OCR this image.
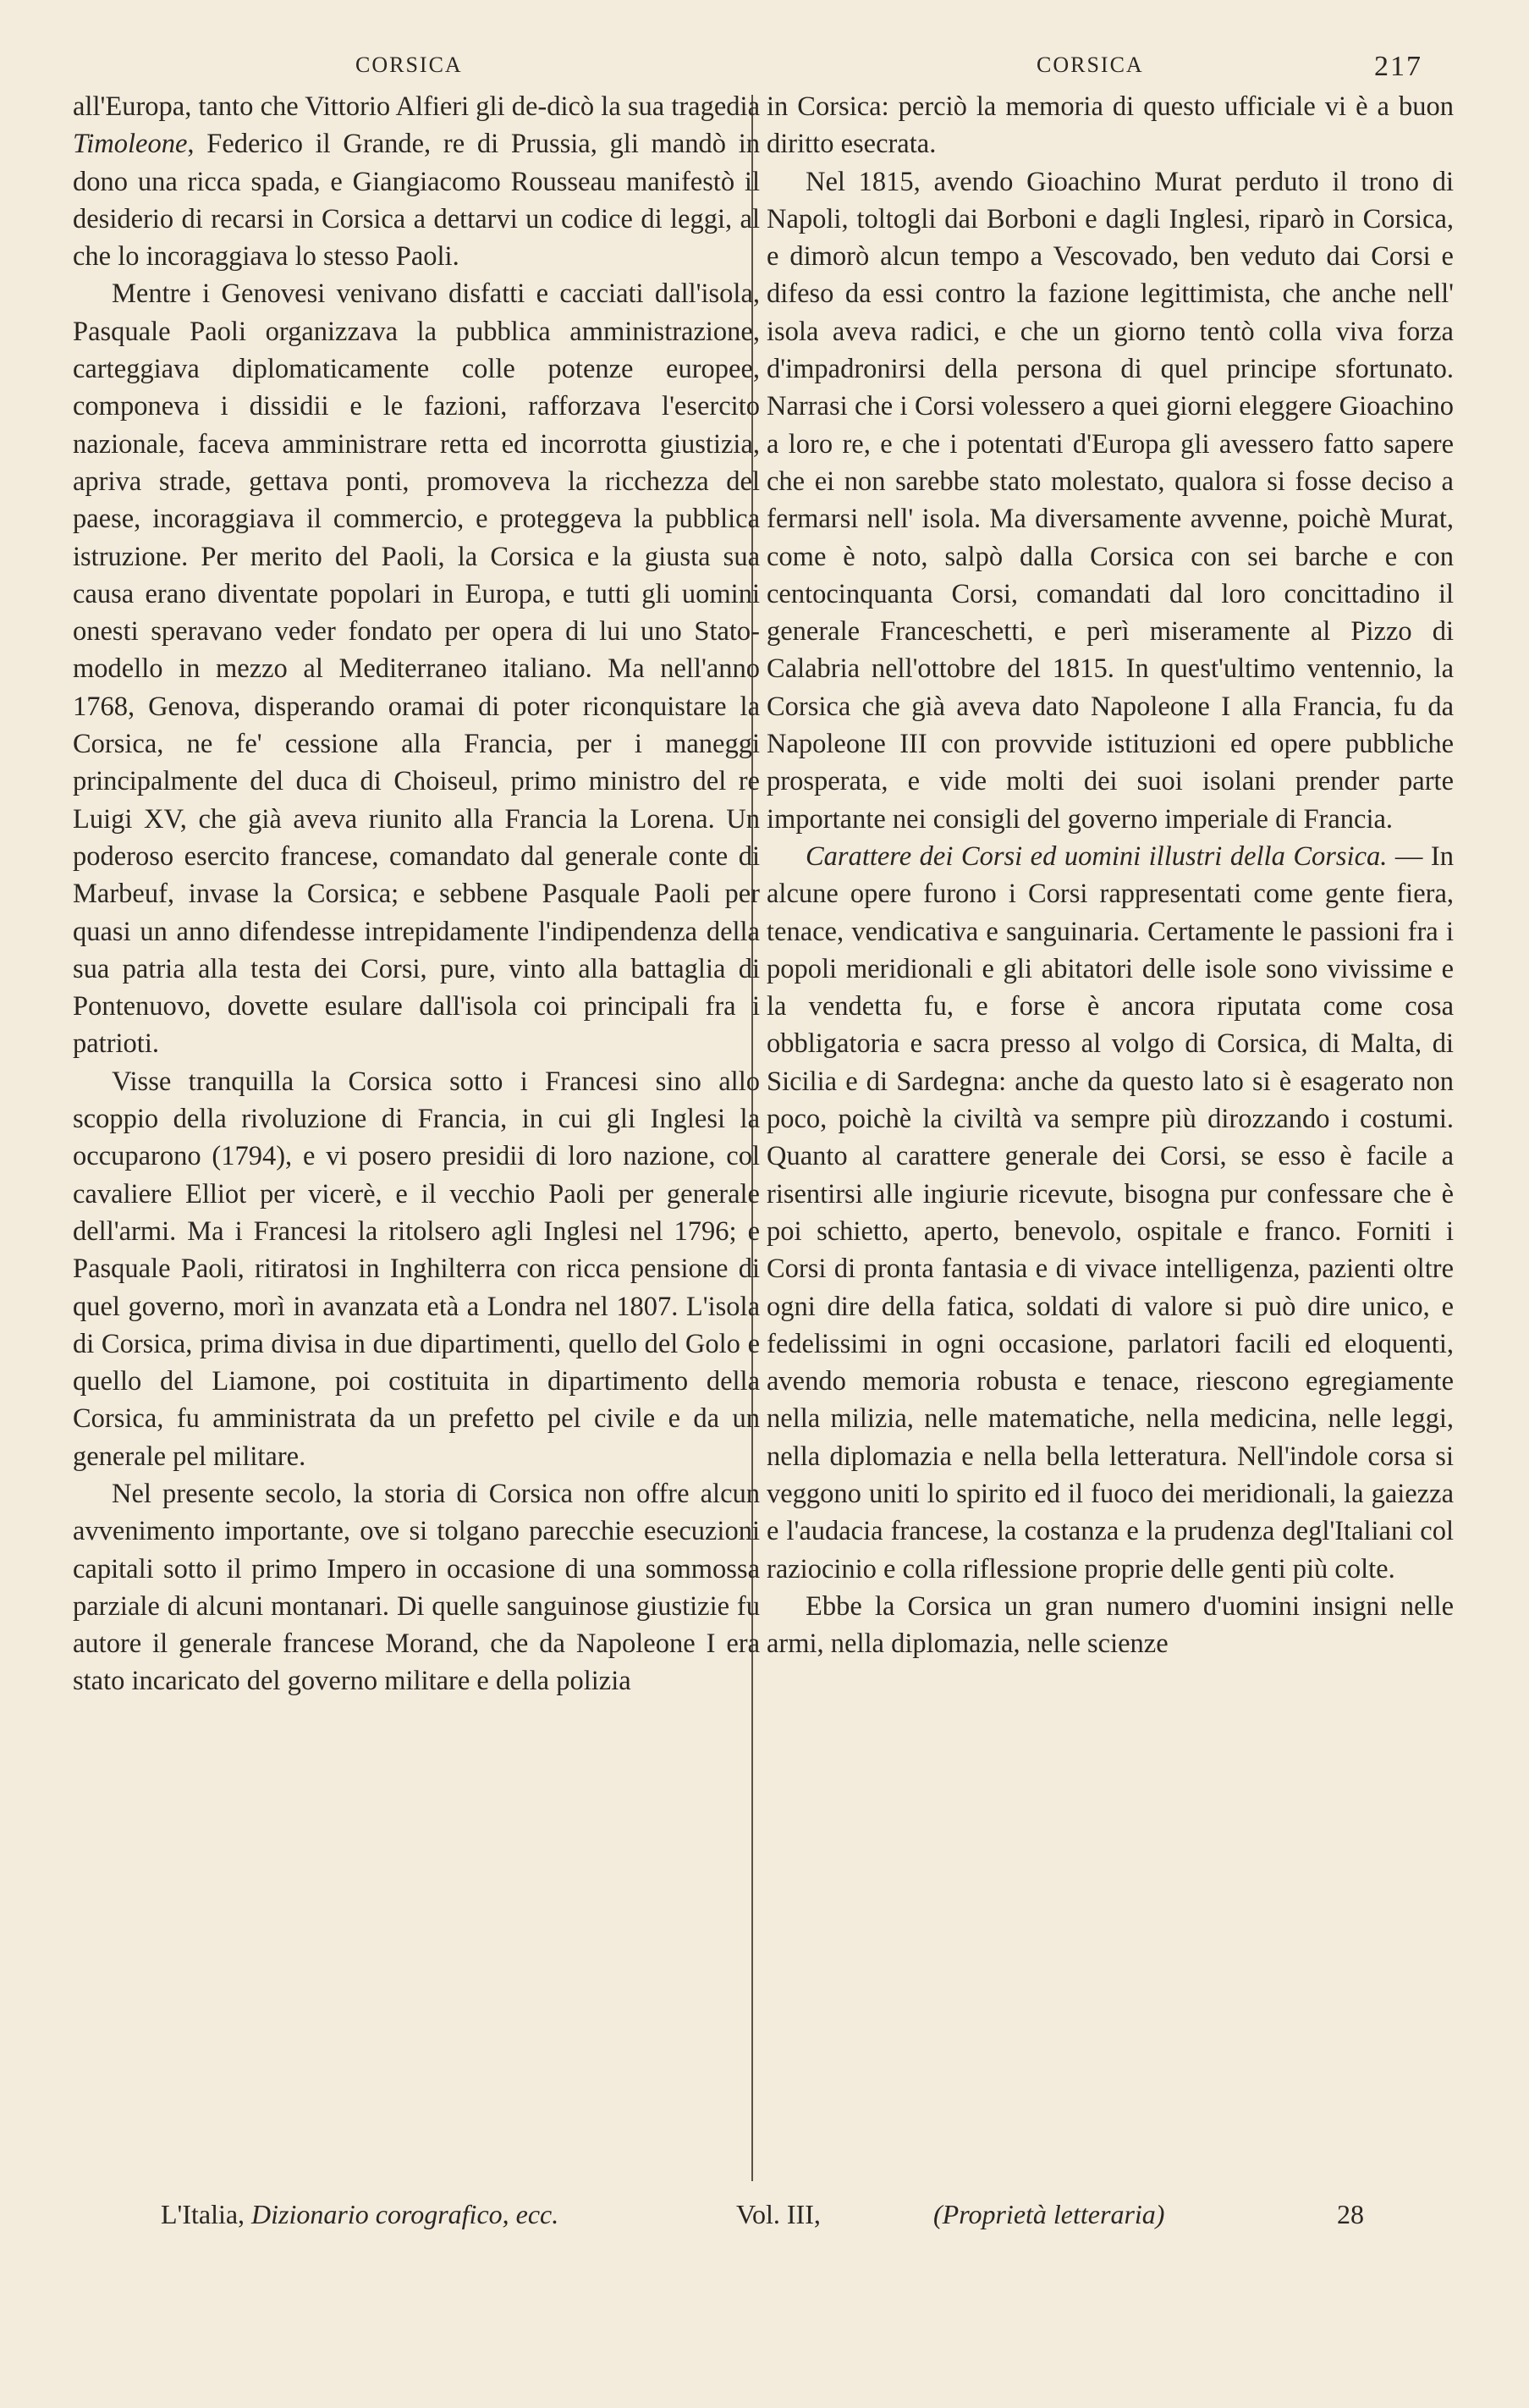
CORSICA	CORSICA	217

all'Europa, tanto che Vittorio Alfieri gli de-dicò la sua tragedia Timoleone, Federico il Grande, re di Prussia, gli mandò in dono una ricca spada, e Giangiacomo Rousseau manifestò il desiderio di recarsi in Corsica a dettarvi un codice di leggi, al che lo incoraggiava lo stesso Paoli.

Mentre i Genovesi venivano disfatti e cacciati dall'isola, Pasquale Paoli organizzava la pubblica amministrazione, carteggiava diplomaticamente colle potenze europee, componeva i dissidii e le fazioni, rafforzava l'esercito nazionale, faceva amministrare retta ed incorrotta giustizia, apriva strade, gettava ponti, promoveva la ricchezza del paese, incoraggiava il commercio, e proteggeva la pubblica istruzione. Per merito del Paoli, la Corsica e la giusta sua causa erano diventate popolari in Europa, e tutti gli uomini onesti speravano veder fondato per opera di lui uno Stato-modello in mezzo al Mediterraneo italiano. Ma nell'anno 1768, Genova, disperando oramai di poter riconquistare la Corsica, ne fe' cessione alla Francia, per i maneggi principalmente del duca di Choiseul, primo ministro del re Luigi XV, che già aveva riunito alla Francia la Lorena. Un poderoso esercito francese, comandato dal generale conte di Marbeuf, invase la Corsica; e sebbene Pasquale Paoli per quasi un anno difendesse intrepidamente l'indipendenza della sua patria alla testa dei Corsi, pure, vinto alla battaglia di Pontenuovo, dovette esulare dall'isola coi principali fra i patrioti.

Visse tranquilla la Corsica sotto i Francesi sino allo scoppio della rivoluzione di Francia, in cui gli Inglesi la occuparono (1794), e vi posero presidii di loro nazione, col cavaliere Elliot per vicerè, e il vecchio Paoli per generale dell'armi. Ma i Francesi la ritolsero agli Inglesi nel 1796; e Pasquale Paoli, ritiratosi in Inghilterra con ricca pensione di quel governo, morì in avanzata età a Londra nel 1807. L'isola di Corsica, prima divisa in due dipartimenti, quello del Golo e quello del Liamone, poi costituita in dipartimento della Corsica, fu amministrata da un prefetto pel civile e da un generale pel militare.

Nel presente secolo, la storia di Corsica non offre alcun avvenimento importante, ove si tolgano parecchie esecuzioni capitali sotto il primo Impero in occasione di una sommossa parziale di alcuni montanari. Di quelle sanguinose giustizie fu autore il generale francese Morand, che da Napoleone I era stato incaricato del governo militare e della polizia

in Corsica: perciò la memoria di questo ufficiale vi è a buon diritto esecrata.

Nel 1815, avendo Gioachino Murat perduto il trono di Napoli, toltogli dai Borboni e dagli Inglesi, riparò in Corsica, e dimorò alcun tempo a Vescovado, ben veduto dai Corsi e difeso da essi contro la fazione legittimista, che anche nell' isola aveva radici, e che un giorno tentò colla viva forza d'impadronirsi della persona di quel principe sfortunato. Narrasi che i Corsi volessero a quei giorni eleggere Gioachino a loro re, e che i potentati d'Europa gli avessero fatto sapere che ei non sarebbe stato molestato, qualora si fosse deciso a fermarsi nell' isola. Ma diversamente avvenne, poichè Murat, come è noto, salpò dalla Corsica con sei barche e con centocinquanta Corsi, comandati dal loro concittadino il generale Franceschetti, e perì miseramente al Pizzo di Calabria nell'ottobre del 1815. In quest'ultimo ventennio, la Corsica che già aveva dato Napoleone I alla Francia, fu da Napoleone III con provvide istituzioni ed opere pubbliche prosperata, e vide molti dei suoi isolani prender parte importante nei consigli del governo imperiale di Francia.

Carattere dei Corsi ed uomini illustri della Corsica. — In alcune opere furono i Corsi rappresentati come gente fiera, tenace, vendicativa e sanguinaria. Certamente le passioni fra i popoli meridionali e gli abitatori delle isole sono vivissime e la vendetta fu, e forse è ancora riputata come cosa obbligatoria e sacra presso al volgo di Corsica, di Malta, di Sicilia e di Sardegna: anche da questo lato si è esagerato non poco, poichè la civiltà va sempre più dirozzando i costumi. Quanto al carattere generale dei Corsi, se esso è facile a risentirsi alle ingiurie ricevute, bisogna pur confessare che è poi schietto, aperto, benevolo, ospitale e franco. Forniti i Corsi di pronta fantasia e di vivace intelligenza, pazienti oltre ogni dire della fatica, soldati di valore si può dire unico, e fedelissimi in ogni occasione, parlatori facili ed eloquenti, avendo memoria robusta e tenace, riescono egregiamente nella milizia, nelle matematiche, nella medicina, nelle leggi, nella diplomazia e nella bella letteratura. Nell'indole corsa si veggono uniti lo spirito ed il fuoco dei meridionali, la gaiezza e l'audacia francese, la costanza e la prudenza degl'Italiani col raziocinio e colla riflessione proprie delle genti più colte.

Ebbe la Corsica un gran numero d'uomini insigni nelle armi, nella diplomazia, nelle scienze

L'Italia, Dizionario corografico, ecc.	Vol. III,	(Proprietà letteraria)	28
